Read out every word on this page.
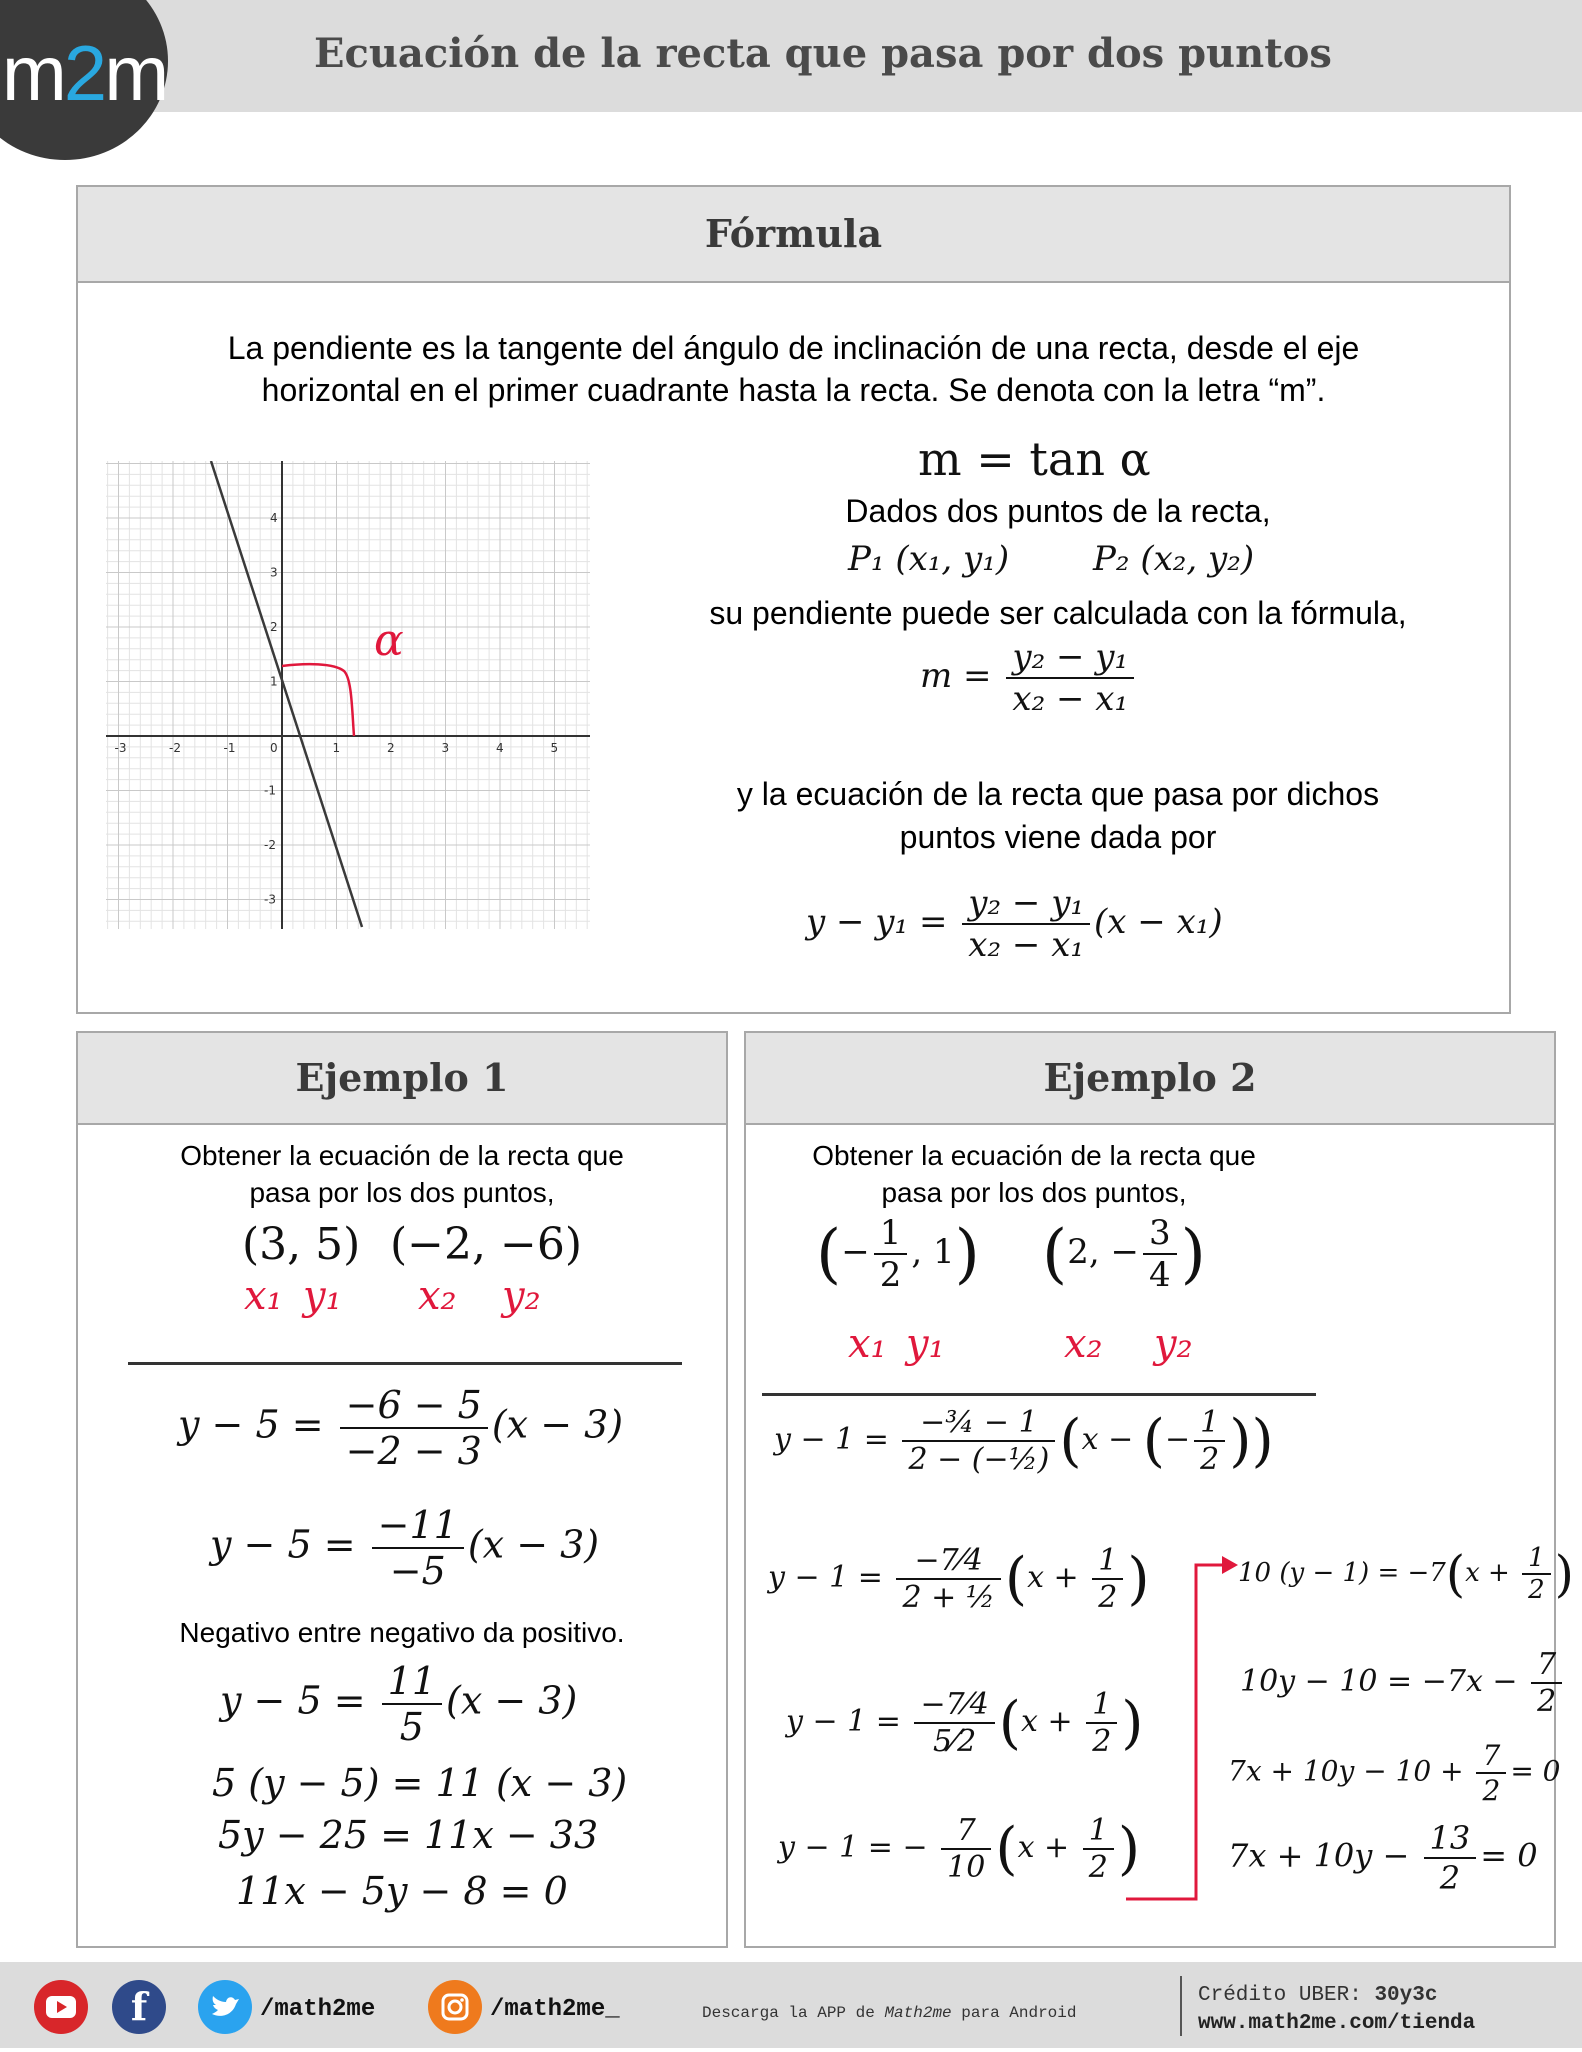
m2m	Ecuación de la recta que pasa por dos puntos
Fórmula
La pendiente es la tangente del ángulo de inclinación de una recta, desde el eje
horizontal en el primer cuadrante hasta la recta. Se denota con la letra “m”.
-3	-2	-1	0	1	2	3	4	5
4
3
2
1
-1
-2
-3
α
m = tan α
Dados dos puntos de la recta,
P₁ (x₁, y₁) P₂ (x₂, y₂)
su pendiente puede ser calculada con la fórmula,
$m = \frac{\text{y₂ − y₁}}{\text{x₂ − x₁}}$
y la ecuación de la recta que pasa por dichos
puntos viene dada por
$y - y_1 = \frac{\text{y₂ − y₁}}{\text{x₂ − x₁}} (x - x_1)$
Ejemplo 1
Obtener la ecuación de la recta que
pasa por los dos puntos,
(3, 5) (−2, −6)
x₁ y₁ x₂ y₂
$y - 5 = \frac{-6 - 5}{-2 - 3} (x - 3)$
$y - 5 = \frac{-11}{-5} (x - 3)$
Negativo entre negativo da positivo.
$y - 5 = \frac{11}{5} (x - 3)$
5 (y − 5) = 11 (x − 3)
5y − 25 = 11x − 33
11x − 5y − 8 = 0
Ejemplo 2
Obtener la ecuación de la recta que
pasa por los dos puntos,
(− $\frac{1}{2}$ , 1) (2, − $\frac{3}{4}$ )
x₁ y₁	x₂ y₂
$y - 1 = \frac{\text{−¾ − 1}}{\text{2 − (−½)}} (x$ − (− $\frac{1}{2}$ ))
$y - 1 = \frac{-7⁄4}{\text{2 + ½}} (x + \frac{1}{2}$ )
$y - 1 = \frac{-7⁄4}{5⁄2} (x + \frac{1}{2}$ )
y − 1 = − $\frac{7}{10} (x + \frac{1}{2}$ )
10 $(y - 1) = -7(x + \frac{1}{2}$ )
$10y - 10 = -7x - \frac{7}{2}$
$7x + 10y - 10 + \frac{7}{2} = 0$
$7x + 10y - \frac{13}{2} = 0$
f	/math2me	/math2me_	Descarga la APP de Math2me para Android
Crédito UBER: 30y3c
www.math2me.com/tienda
